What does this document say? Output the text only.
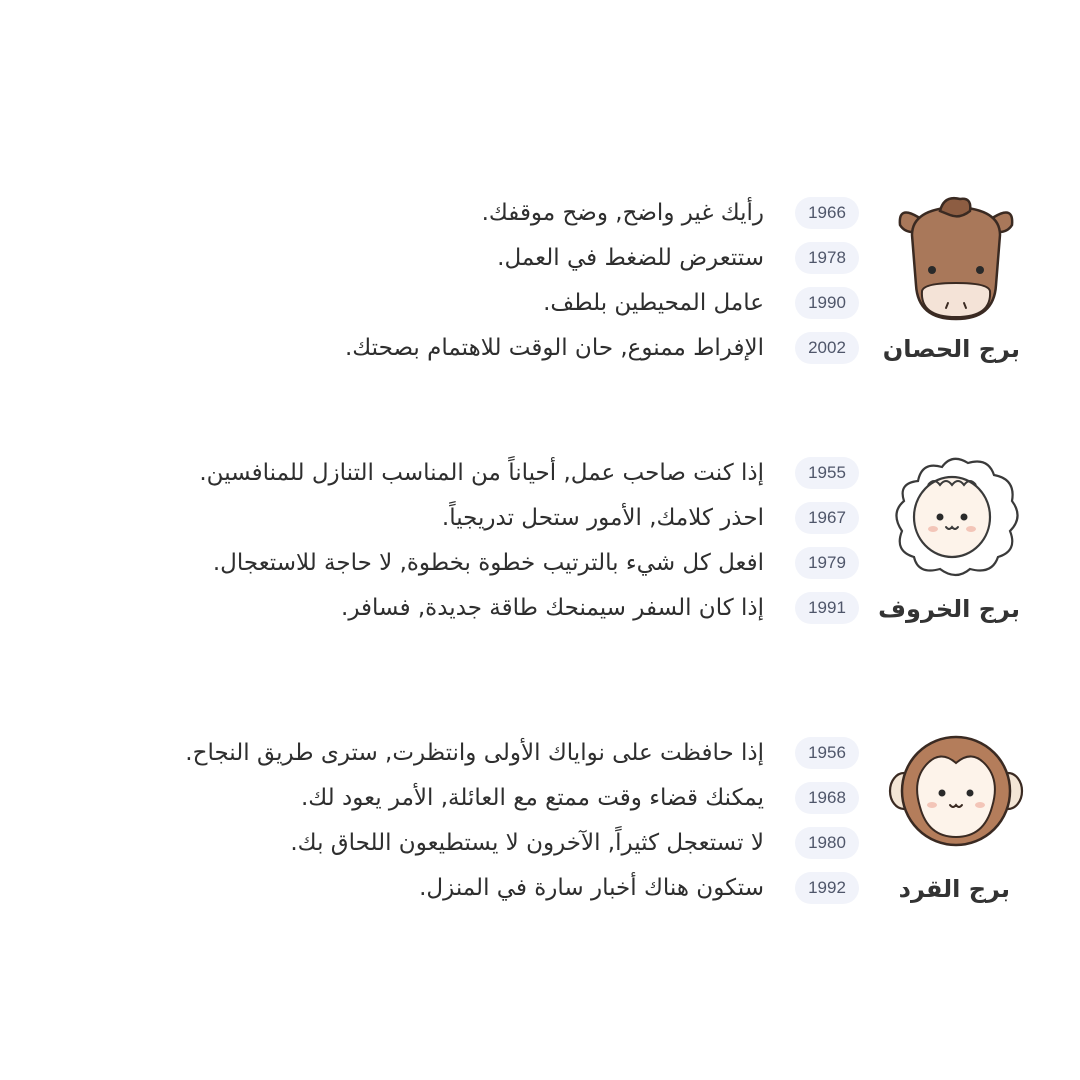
برج الحصان
1966
رأيك غير واضح, وضح موقفك.
1978
ستتعرض للضغط في العمل.
1990
عامل المحيطين بلطف.
2002
الإفراط ممنوع, حان الوقت للاهتمام بصحتك.
برج الخروف
1955
إذا كنت صاحب عمل, أحياناً من المناسب التنازل للمنافسين.
1967
احذر كلامك, الأمور ستحل تدريجياً.
1979
افعل كل شيء بالترتيب خطوة بخطوة, لا حاجة للاستعجال.
1991
إذا كان السفر سيمنحك طاقة جديدة, فسافر.
برج القرد
1956
إذا حافظت على نواياك الأولى وانتظرت, سترى طريق النجاح.
1968
يمكنك قضاء وقت ممتع مع العائلة, الأمر يعود لك.
1980
لا تستعجل كثيراً, الآخرون لا يستطيعون اللحاق بك.
1992
ستكون هناك أخبار سارة في المنزل.
